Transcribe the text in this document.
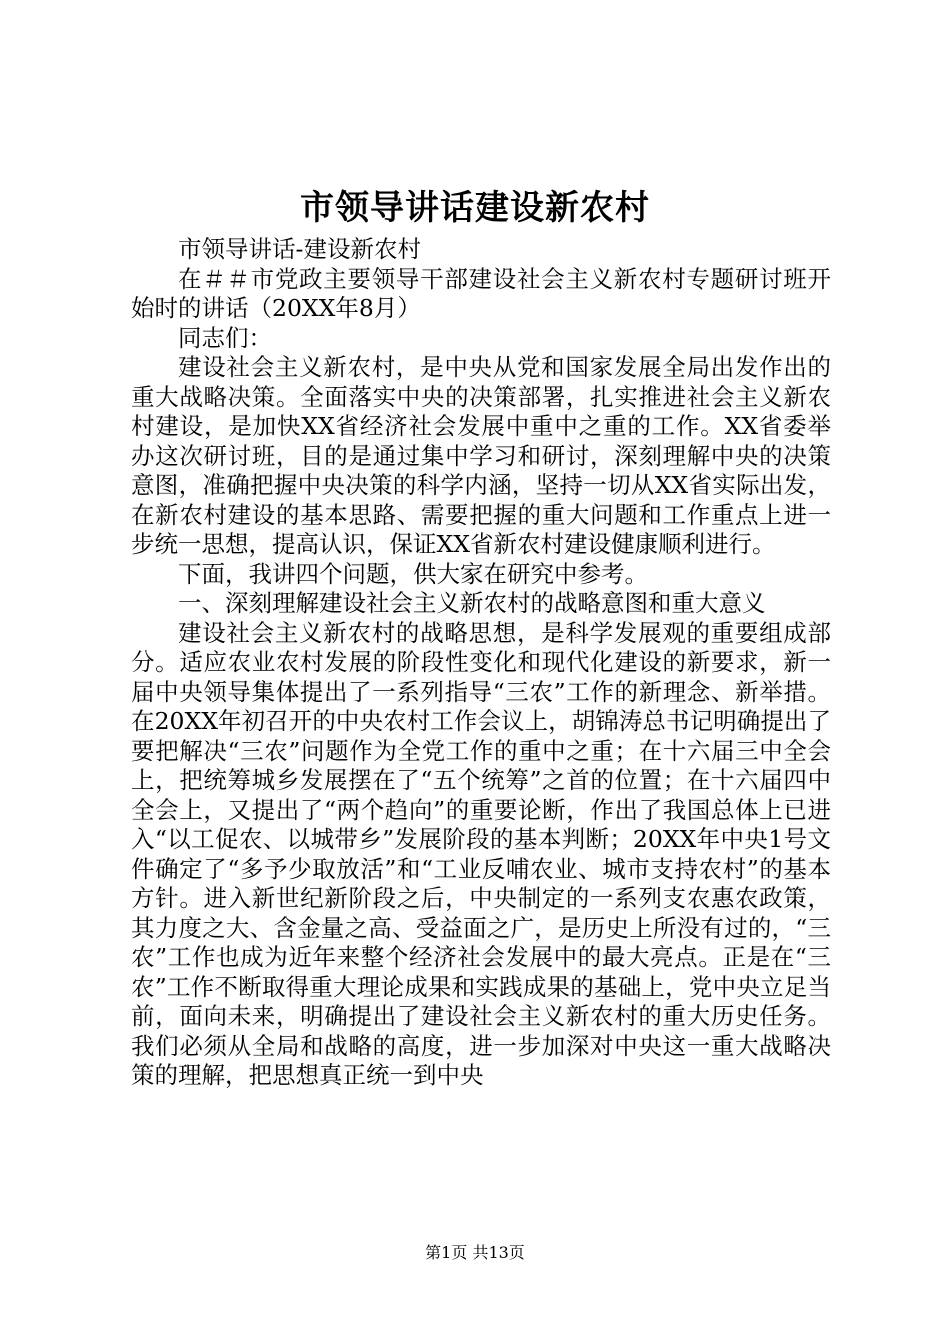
市领导讲话建设新农村

市领导讲话-建设新农村

在＃＃市党政主要领导干部建设社会主义新农村专题研讨班开始时的讲话（20XX年8月）

同志们：

建设社会主义新农村，是中央从党和国家发展全局出发作出的重大战略决策。全面落实中央的决策部署，扎实推进社会主义新农村建设，是加快XX省经济社会发展中重中之重的工作。XX省委举办这次研讨班，目的是通过集中学习和研讨，深刻理解中央的决策意图，准确把握中央决策的科学内涵，坚持一切从XX省实际出发，在新农村建设的基本思路、需要把握的重大问题和工作重点上进一步统一思想，提高认识，保证XX省新农村建设健康顺利进行。

下面，我讲四个问题，供大家在研究中参考。

一、深刻理解建设社会主义新农村的战略意图和重大意义

建设社会主义新农村的战略思想，是科学发展观的重要组成部分。适应农业农村发展的阶段性变化和现代化建设的新要求，新一届中央领导集体提出了一系列指导“三农”工作的新理念、新举措。在20XX年初召开的中央农村工作会议上，胡锦涛总书记明确提出了要把解决“三农”问题作为全党工作的重中之重；在十六届三中全会上，把统筹城乡发展摆在了“五个统筹”之首的位置；在十六届四中全会上，又提出了“两个趋向”的重要论断，作出了我国总体上已进入“以工促农、以城带乡”发展阶段的基本判断；20XX年中央1号文件确定了“多予少取放活”和“工业反哺农业、城市支持农村”的基本方针。进入新世纪新阶段之后，中央制定的一系列支农惠农政策，其力度之大、含金量之高、受益面之广，是历史上所没有过的，“三农”工作也成为近年来整个经济社会发展中的最大亮点。正是在“三农”工作不断取得重大理论成果和实践成果的基础上，党中央立足当前，面向未来，明确提出了建设社会主义新农村的重大历史任务。我们必须从全局和战略的高度，进一步加深对中央这一重大战略决策的理解，把思想真正统一到中央

第1页 共13页
